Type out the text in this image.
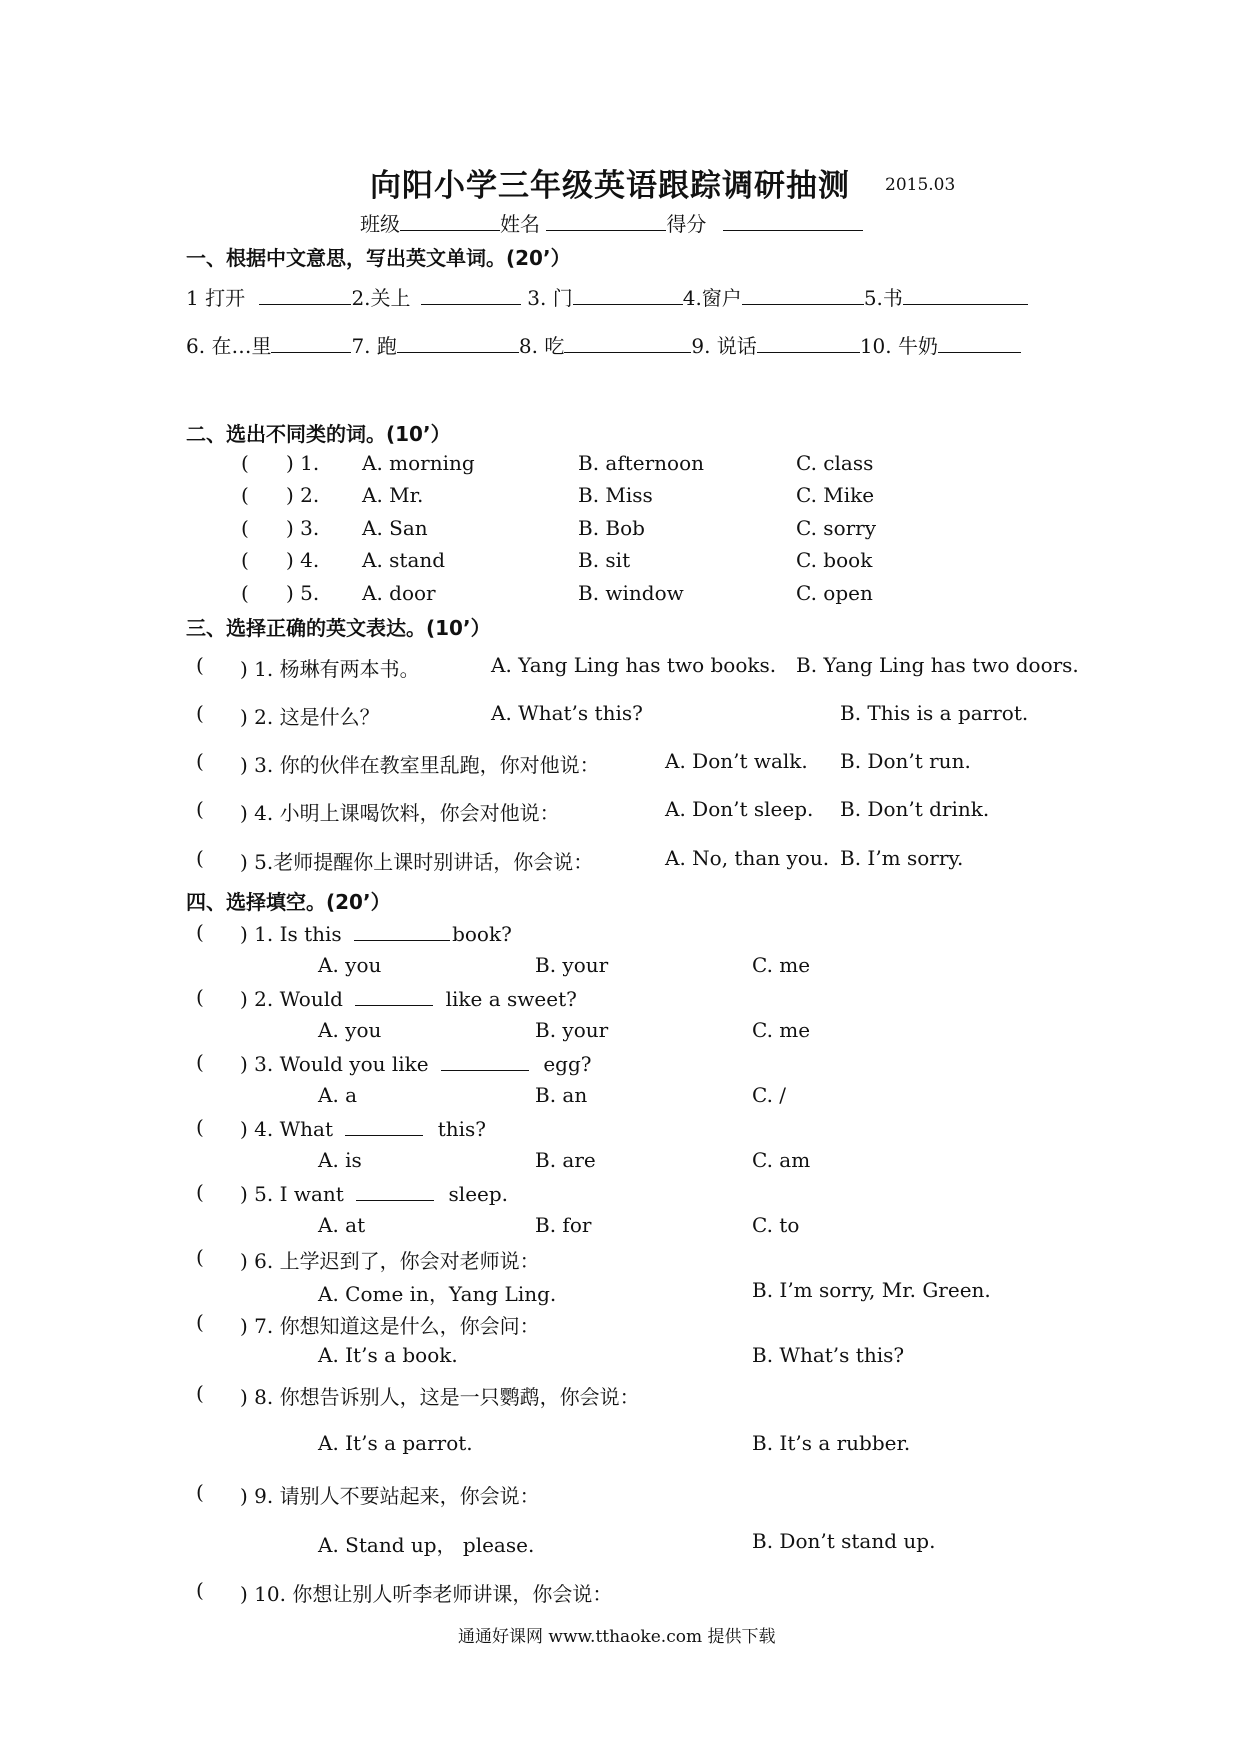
向阳小学三年级英语跟踪调研抽测 2015.03
班级	姓名	得分
一、根据中文意思，写出英文单词。(20’）
1 打开	2.关上	3. 门	4.窗户	5.书
6. 在…里	7. 跑	8. 吃	9. 说话	10. 牛奶
二、选出不同类的词。(10’）
( ) 1. A. morning	B. afternoon	C. class
( ) 2. A. Mr.	B. Miss	C. Mike
( ) 3. A. San	B. Bob	C. sorry
( ) 4. A. stand	B. sit	C. book
( ) 5. A. door	B. window	C. open
三、选择正确的英文表达。(10’）
( ) 1. 杨琳有两本书。	A. Yang Ling has two books. B. Yang Ling has two doors.
( ) 2. 这是什么？	A. What’s this?	B. This is a parrot.
( ) 3. 你的伙伴在教室里乱跑，你对他说：	A. Don’t walk. B. Don’t run.
( ) 4. 小明上课喝饮料，你会对他说：	A. Don’t sleep. B. Don’t drink.
( ) 5.老师提醒你上课时别讲话，你会说：	A. No, than you. B. I’m sorry.
四、选择填空。(20’）
( ) 1. Is this	book?
A. you	B. your	C. me
( ) 2. Would	like a sweet?
A. you	B. your	C. me
( ) 3. Would you like	egg?
A. a	B. an	C. /
( ) 4. What	this?
A. is	B. are	C. am
( ) 5. I want	sleep.
A. at	B. for	C. to
( ) 6. 上学迟到了，你会对老师说：
A. Come in，Yang Ling.	B. I’m sorry, Mr. Green.
( ) 7. 你想知道这是什么，你会问：
A. It’s a book.	B. What’s this?
( ) 8. 你想告诉别人，这是一只鹦鹉，你会说：
A. It’s a parrot.	B. It’s a rubber.
( ) 9. 请别人不要站起来，你会说：
A. Stand up， please.	B. Don’t stand up.
( ) 10. 你想让别人听李老师讲课，你会说：
通通好课网 www.tthaoke.com 提供下载
